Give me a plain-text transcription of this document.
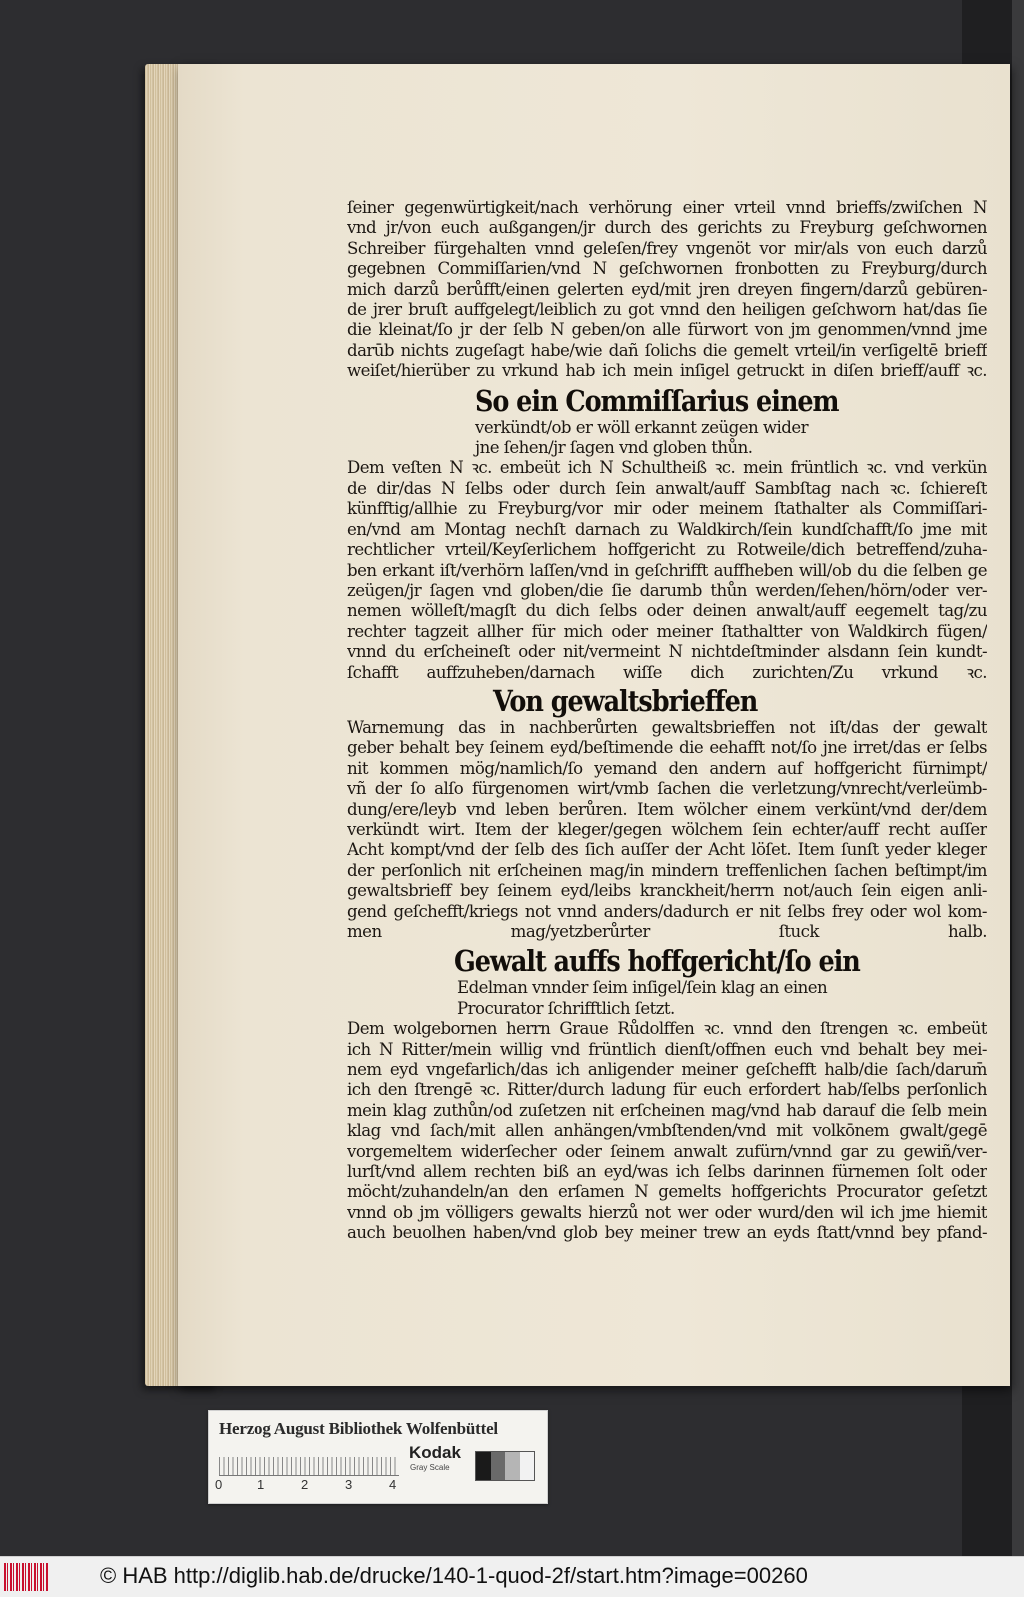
ſeiner gegenwürtigkeit/nach verhörung einer vrteil vnnd brieffs/zwiſchen N
vnd jr/von euch außgangen/jr durch des gerichts zu Freyburg geſchwornen
Schreiber fürgehalten vnnd geleſen/frey vngenöt vor mir/als von euch darzů
gegebnen Commiſſarien/vnd N geſchwornen fronbotten zu Freyburg/durch
mich darzů berůfft/einen gelerten eyd/mit jren dreyen fingern/darzů gebüren-
de jrer bruſt auffgelegt/leiblich zu got vnnd den heiligen geſchworn hat/das ſie
die kleinat/ſo jr der ſelb N geben/on alle fürwort von jm genommen/vnnd jme
darūb nichts zugeſagt habe/wie dañ ſolichs die gemelt vrteil/in verſigeltē brieff
weiſet/hierüber zu vrkund hab ich mein inſigel getruckt in diſen brieff/auff ꝛc.
So ein Commiſſarius einem
verkündt/ob er wöll erkannt zeügen wider
jne ſehen/jr ſagen vnd globen thůn.
Dem veſten N ꝛc. embeüt ich N Schultheiß ꝛc. mein früntlich ꝛc. vnd verkün
de dir/das N ſelbs oder durch ſein anwalt/auff Sambſtag nach ꝛc. ſchiereſt
künfftig/allhie zu Freyburg/vor mir oder meinem ſtathalter als Commiſſari-
en/vnd am Montag nechſt darnach zu Waldkirch/ſein kundſchafft/ſo jme mit
rechtlicher vrteil/Keyſerlichem hoffgericht zu Rotweile/dich betreffend/zuha-
ben erkant iſt/verhörn laſſen/vnd in geſchrifft auffheben will/ob du die ſelben ge
zeügen/jr ſagen vnd globen/die ſie darumb thůn werden/ſehen/hörn/oder ver-
nemen wölleſt/magſt du dich ſelbs oder deinen anwalt/auff eegemelt tag/zu
rechter tagzeit allher für mich oder meiner ſtathaltter von Waldkirch fügen/
vnnd du erſcheineſt oder nit/vermeint N nichtdeſtminder alsdann ſein kundt-
ſchafft auffzuheben/darnach wiſſe dich zurichten/Zu vrkund ꝛc.
Von gewaltsbrieffen
Warnemung das in nachberůrten gewaltsbrieffen not iſt/das der gewalt
geber behalt bey ſeinem eyd/beſtimende die eehafft not/ſo jne irret/das er ſelbs
nit kommen mög/namlich/ſo yemand den andern auf hoffgericht fürnimpt/
vñ der ſo alſo fürgenomen wirt/vmb ſachen die verletzung/vnrecht/verleümb-
dung/ere/leyb vnd leben berůren. Item wölcher einem verkünt/vnd der/dem
verkündt wirt. Item der kleger/gegen wölchem ſein echter/auff recht auſſer
Acht kompt/vnd der ſelb des ſich auſſer der Acht löſet. Item ſunſt yeder kleger
der perſonlich nit erſcheinen mag/in mindern treffenlichen ſachen beſtimpt/im
gewaltsbrieff bey ſeinem eyd/leibs kranckheit/herrn not/auch ſein eigen anli-
gend geſchefft/kriegs not vnnd anders/dadurch er nit ſelbs frey oder wol kom-
men mag/yetzberůrter ſtuck halb.
Gewalt auffs hoffgericht/ſo ein
Edelman vnnder ſeim inſigel/ſein klag an einen
Procurator ſchrifftlich ſetzt.
Dem wolgebornen herrn Graue Růdolffen ꝛc. vnnd den ſtrengen ꝛc. embeüt
ich N Ritter/mein willig vnd früntlich dienſt/offnen euch vnd behalt bey mei-
nem eyd vngefarlich/das ich anligender meiner geſchefft halb/die ſach/darum̄
ich den ſtrengē ꝛc. Ritter/durch ladung für euch erfordert hab/ſelbs perſonlich
mein klag zuthůn/od zuſetzen nit erſcheinen mag/vnd hab darauf die ſelb mein
klag vnd ſach/mit allen anhängen/vmbſtenden/vnd mit volkōnem gwalt/gegē
vorgemeltem widerſecher oder ſeinem anwalt zufürn/vnnd gar zu gewiñ/ver-
lurſt/vnd allem rechten biß an eyd/was ich ſelbs darinnen fürnemen ſolt oder
möcht/zuhandeln/an den erſamen N gemelts hoffgerichts Procurator geſetzt
vnnd ob jm völligers gewalts hierzů not wer oder wurd/den wil ich jme hiemit
auch beuolhen haben/vnd glob bey meiner trew an eyds ſtatt/vnnd bey pfand-
Herzog August Bibliothek Wolfenbüttel
0	1	2	3	4
Kodak
Gray Scale
© HAB http://diglib.hab.de/drucke/140-1-quod-2f/start.htm?image=00260
